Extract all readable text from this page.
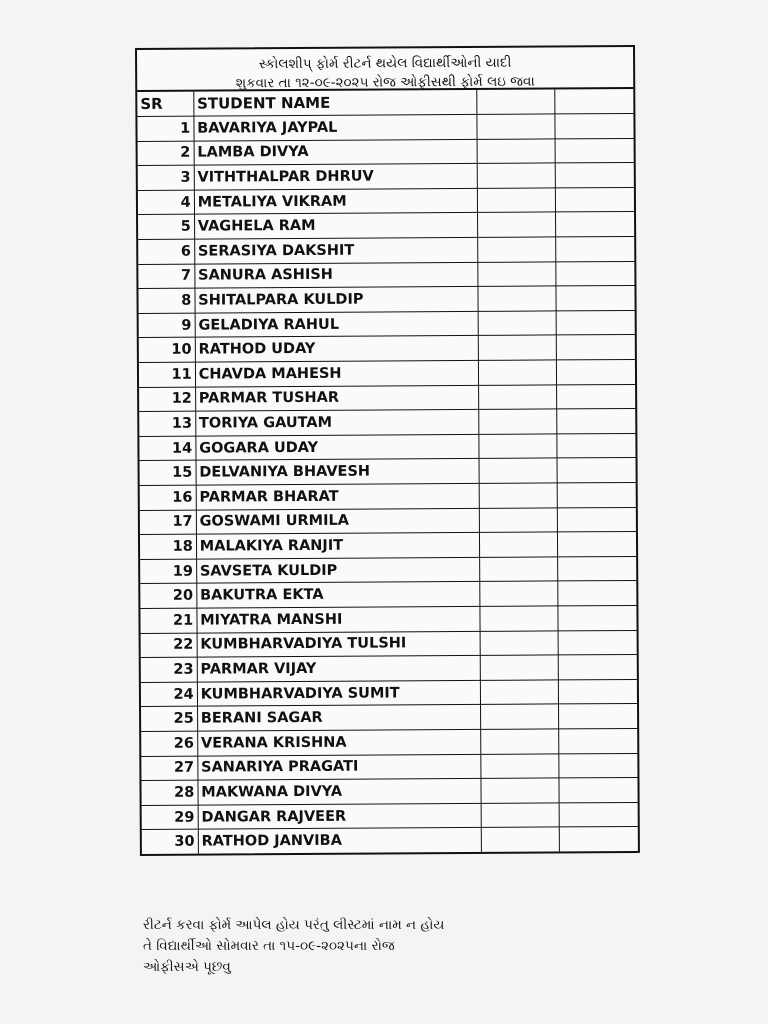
સ્કોલશીપ્ ફોર્મ રીટર્ન થયેલ વિદ્યાર્થીઓની યાદી
શુકવાર તા ૧૨-૦૯-૨૦૨૫ રોજ ઓફીસથી ફોર્મ લઇ જવા
SR	STUDENT NAME		
1	BAVARIYA JAYPAL		
2	LAMBA DIVYA		
3	VITHTHALPAR DHRUV		
4	METALIYA VIKRAM		
5	VAGHELA RAM		
6	SERASIYA DAKSHIT		
7	SANURA ASHISH		
8	SHITALPARA KULDIP		
9	GELADIYA RAHUL		
10	RATHOD UDAY		
11	CHAVDA MAHESH		
12	PARMAR TUSHAR		
13	TORIYA GAUTAM		
14	GOGARA UDAY		
15	DELVANIYA BHAVESH		
16	PARMAR BHARAT		
17	GOSWAMI URMILA		
18	MALAKIYA RANJIT		
19	SAVSETA KULDIP		
20	BAKUTRA EKTA		
21	MIYATRA MANSHI		
22	KUMBHARVADIYA TULSHI		
23	PARMAR VIJAY		
24	KUMBHARVADIYA SUMIT		
25	BERANI SAGAR		
26	VERANA KRISHNA		
27	SANARIYA PRAGATI		
28	MAKWANA DIVYA		
29	DANGAR RAJVEER		
30	RATHOD JANVIBA		
રીટર્ન કરવા ફોર્મ આપેલ હોય પરંતુ લીસ્ટમાં નામ ન હોય
તે વિદ્યાર્થીઓ સોમવાર તા ૧૫-૦૯-૨૦૨૫ના રોજ
ઓફીસએ પૂછવુ
